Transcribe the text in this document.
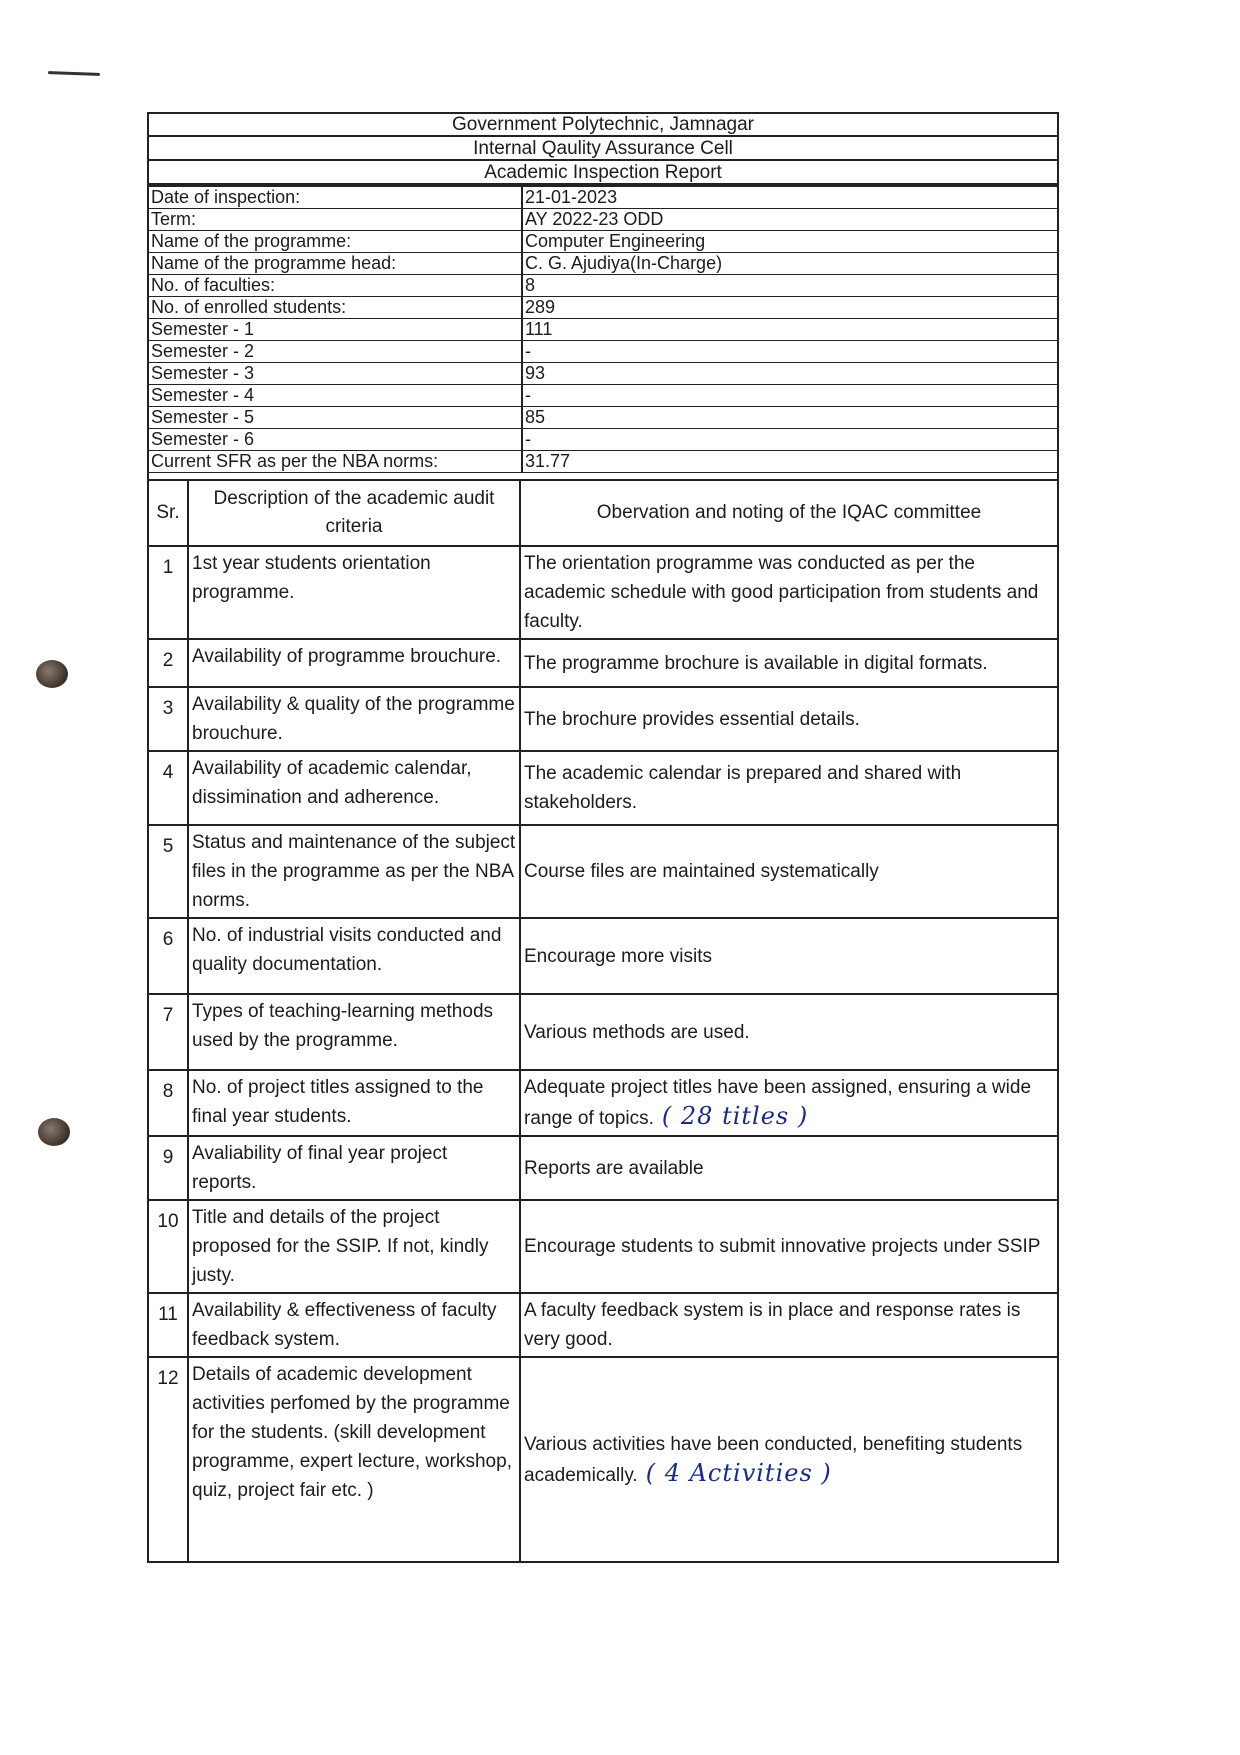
Government Polytechnic, Jamnagar
Internal Qaulity Assurance Cell
Academic Inspection Report
Date of inspection:	21-01-2023
Term:	AY 2022-23 ODD
Name of the programme:	Computer Engineering
Name of the programme head:	C. G. Ajudiya(In-Charge)
No. of faculties:	8
No. of enrolled students:	289
Semester - 1	111
Semester - 2	-
Semester - 3	93
Semester - 4	-
Semester - 5	85
Semester - 6	-
Current SFR as per the NBA norms:	31.77
Sr.	Description of the academic audit criteria	Obervation and noting of the IQAC committee
1	1st year students orientation programme.	The orientation programme was conducted as per the academic schedule with good participation from students and faculty.
2	Availability of programme brouchure.	The programme brochure is available in digital formats.
3	Availability & quality of the programme brouchure.	The brochure provides essential details.
4	Availability of academic calendar, dissimination and adherence.	The academic calendar is prepared and shared with stakeholders.
5	Status and maintenance of the subject files in the programme as per the NBA norms.	Course files are maintained systematically
6	No. of industrial visits conducted and quality documentation.	Encourage more visits
7	Types of teaching-learning methods used by the programme.	Various methods are used.
8	No. of project titles assigned to the final year students.	Adequate project titles have been assigned, ensuring a wide range of topics. ( 28 titles )
9	Avaliability of final year project reports.	Reports are available
10	Title and details of the project proposed for the SSIP. If not, kindly justy.	Encourage students to submit innovative projects under SSIP
11	Availability & effectiveness of faculty feedback system.	A faculty feedback system is in place and response rates is very good.
12	Details of academic development activities perfomed by the programme for the students. (skill development programme, expert lecture, workshop, quiz, project fair etc. )	Various activities have been conducted, benefiting students academically. ( 4 Activities )
